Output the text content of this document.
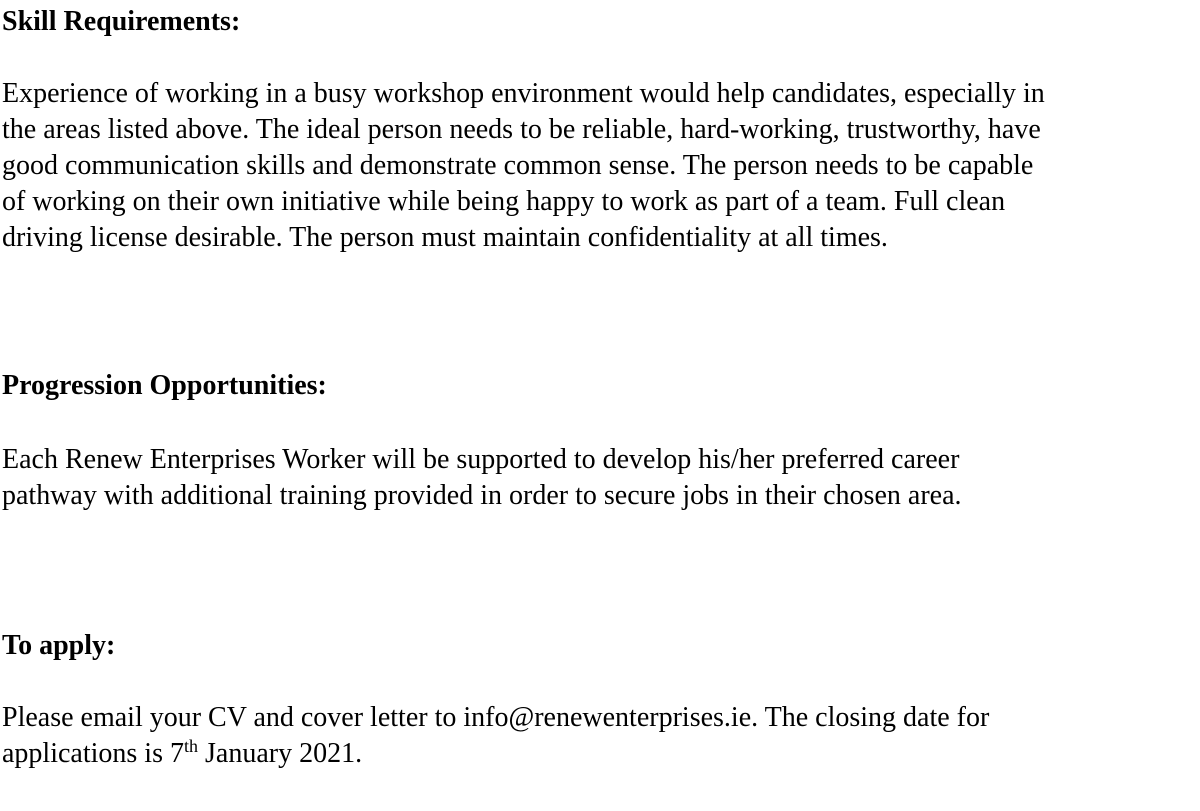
Skill Requirements:

Experience of working in a busy workshop environment would help candidates, especially in
the areas listed above. The ideal person needs to be reliable, hard-working, trustworthy, have
good communication skills and demonstrate common sense. The person needs to be capable
of working on their own initiative while being happy to work as part of a team. Full clean
driving license desirable. The person must maintain confidentiality at all times.

Progression Opportunities:

Each Renew Enterprises Worker will be supported to develop his/her preferred career
pathway with additional training provided in order to secure jobs in their chosen area.

To apply:

Please email your CV and cover letter to info@renewenterprises.ie. The closing date for
applications is 7th January 2021.
